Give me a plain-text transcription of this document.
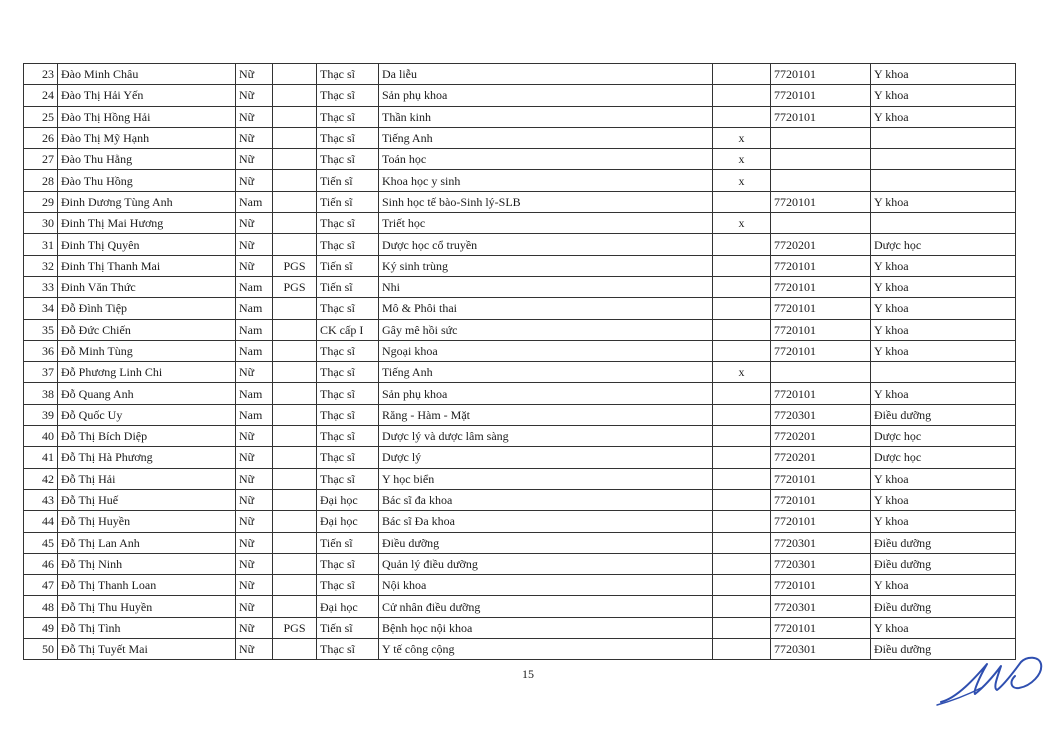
23	Đào Minh Châu	Nữ		Thạc sĩ	Da liễu		7720101	Y khoa
24	Đào Thị Hải Yến	Nữ		Thạc sĩ	Sản phụ khoa		7720101	Y khoa
25	Đào Thị Hồng Hải	Nữ		Thạc sĩ	Thần kinh		7720101	Y khoa
26	Đào Thị Mỹ Hạnh	Nữ		Thạc sĩ	Tiếng Anh	x		
27	Đào Thu Hằng	Nữ		Thạc sĩ	Toán học	x		
28	Đào Thu Hồng	Nữ		Tiến sĩ	Khoa học y sinh	x		
29	Đinh Dương Tùng Anh	Nam		Tiến sĩ	Sinh học tế bào-Sinh lý-SLB		7720101	Y khoa
30	Đinh Thị Mai Hương	Nữ		Thạc sĩ	Triết học	x		
31	Đinh Thị Quyên	Nữ		Thạc sĩ	Dược học cổ truyền		7720201	Dược học
32	Đinh Thị Thanh Mai	Nữ	PGS	Tiến sĩ	Ký sinh trùng		7720101	Y khoa
33	Đinh Văn Thức	Nam	PGS	Tiến sĩ	Nhi		7720101	Y khoa
34	Đỗ Đình Tiệp	Nam		Thạc sĩ	Mô & Phôi thai		7720101	Y khoa
35	Đỗ Đức Chiến	Nam		CK cấp I	Gây mê hồi sức		7720101	Y khoa
36	Đỗ Minh Tùng	Nam		Thạc sĩ	Ngoại khoa		7720101	Y khoa
37	Đỗ Phương Linh Chi	Nữ		Thạc sĩ	Tiếng Anh	x		
38	Đỗ Quang Anh	Nam		Thạc sĩ	Sản phụ khoa		7720101	Y khoa
39	Đỗ Quốc Uy	Nam		Thạc sĩ	Răng - Hàm - Mặt		7720301	Điều dưỡng
40	Đỗ Thị Bích Diệp	Nữ		Thạc sĩ	Dược lý và dược lâm sàng		7720201	Dược học
41	Đỗ Thị Hà Phương	Nữ		Thạc sĩ	Dược lý		7720201	Dược học
42	Đỗ Thị Hải	Nữ		Thạc sĩ	Y học biển		7720101	Y khoa
43	Đỗ Thị Huế	Nữ		Đại học	Bác sĩ đa khoa		7720101	Y khoa
44	Đỗ Thị Huyền	Nữ		Đại học	Bác sĩ Đa khoa		7720101	Y khoa
45	Đỗ Thị Lan Anh	Nữ		Tiến sĩ	Điều dưỡng		7720301	Điều dưỡng
46	Đỗ Thị Ninh	Nữ		Thạc sĩ	Quản lý điều dưỡng		7720301	Điều dưỡng
47	Đỗ Thị Thanh Loan	Nữ		Thạc sĩ	Nội khoa		7720101	Y khoa
48	Đỗ Thị Thu Huyền	Nữ		Đại học	Cử nhân điều dưỡng		7720301	Điều dưỡng
49	Đỗ Thị Tình	Nữ	PGS	Tiến sĩ	Bệnh học nội khoa		7720101	Y khoa
50	Đỗ Thị Tuyết Mai	Nữ		Thạc sĩ	Y tế công cộng		7720301	Điều dưỡng
15
